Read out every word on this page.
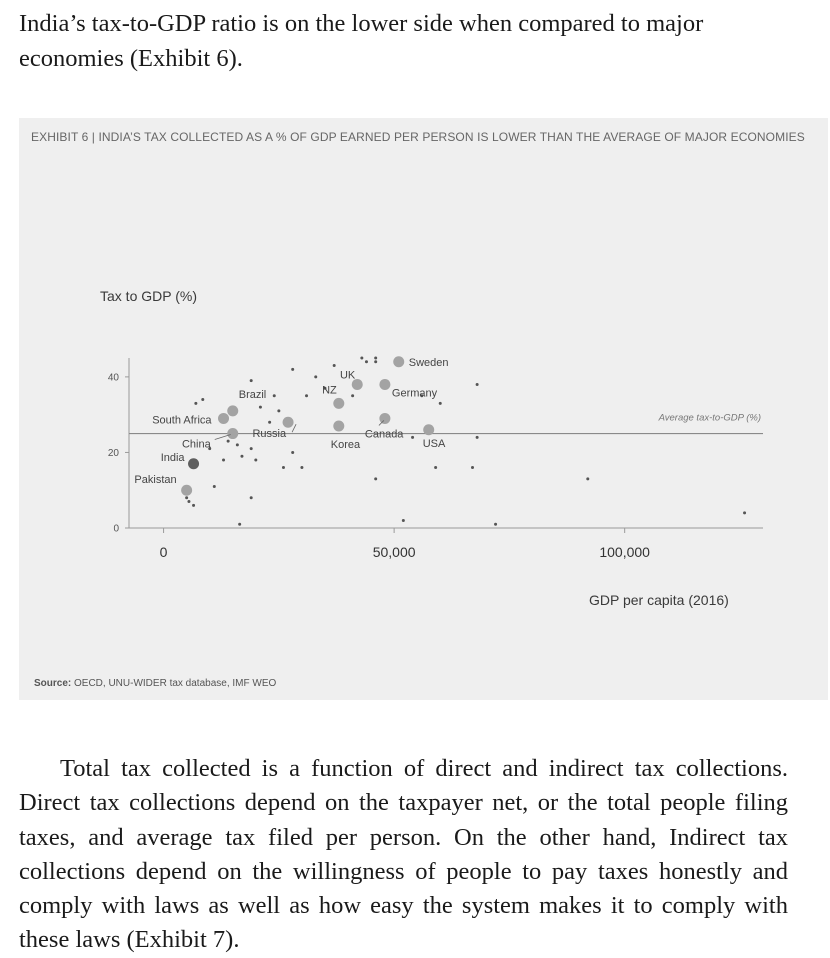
India’s tax-to-GDP ratio is on the lower side when compared to major economies (Exhibit 6).

EXHIBIT 6 | INDIA’S TAX COLLECTED AS A % OF GDP EARNED PER PERSON IS LOWER THAN THE AVERAGE OF MAJOR ECONOMIES

Tax to GDP (%)
GDP per capita (2016)
0
20
40
0	50,000	100,000
Average tax-to-GDP (%)
Sweden
UK
Germany
NZ
Brazil
South Africa
China
India
Russia
Korea
Canada
USA
Pakistan
Source: OECD, UNU-WIDER tax database, IMF WEO

Total tax collected is a function of direct and indirect tax collections. Direct tax collections depend on the taxpayer net, or the total people filing taxes, and average tax filed per person. On the other hand, Indirect tax collections depend on the willingness of people to pay taxes honestly and comply with laws as well as how easy the system makes it to comply with these laws (Exhibit 7).
